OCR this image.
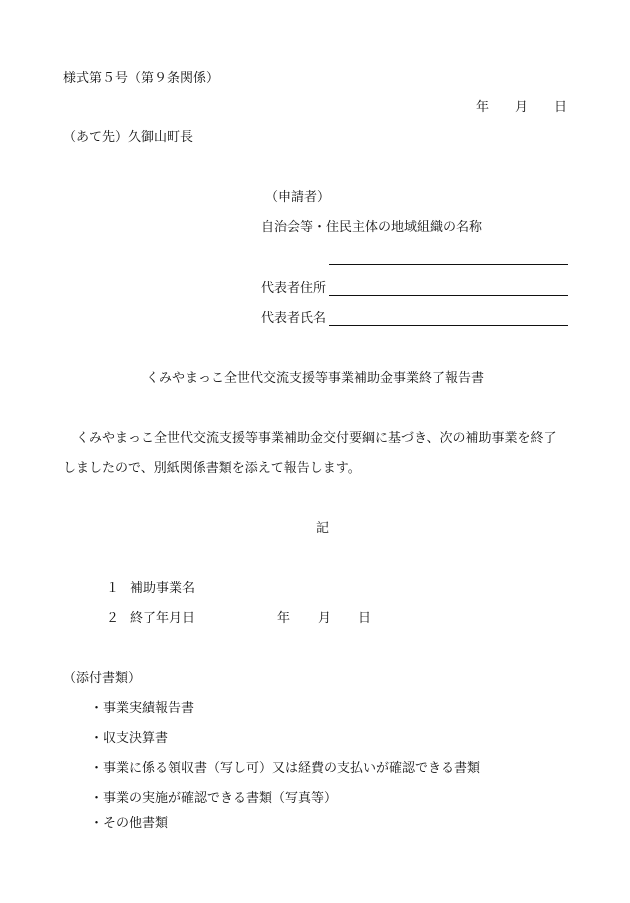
様式第５号（第９条関係）
年 月 日
（あて先）久御山町長
（申請者）
自治会等・住民主体の地域組織の名称
代表者住所
代表者氏名
くみやまっこ全世代交流支援等事業補助金事業終了報告書
くみやまっこ全世代交流支援等事業補助金交付要綱に基づき、次の補助事業を終了
しましたので、別紙関係書類を添えて報告します。
記
１ 補助事業名
２ 終了年月日	年 月 日
（添付書類）
・事業実績報告書
・収支決算書
・事業に係る領収書（写し可）又は経費の支払いが確認できる書類
・事業の実施が確認できる書類（写真等）
・その他書類
